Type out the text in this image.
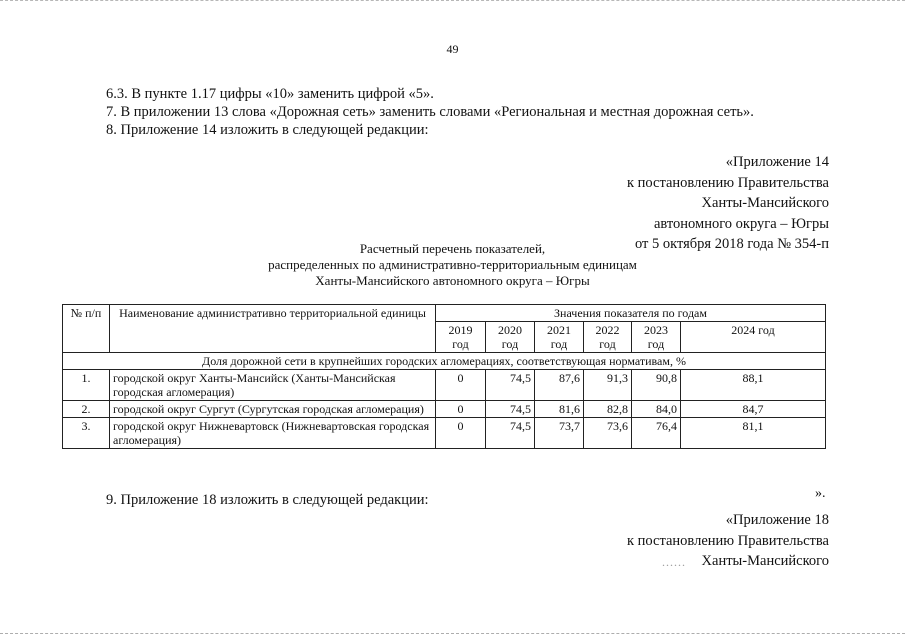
49
6.3. В пункте 1.17 цифры «10» заменить цифрой «5».
7. В приложении 13 слова «Дорожная сеть» заменить словами «Региональная и местная дорожная сеть».
8. Приложение 14 изложить в следующей редакции:
«Приложение 14
к постановлению Правительства
Ханты-Мансийского
автономного округа – Югры
от 5 октября 2018 года № 354-п
Расчетный перечень показателей,
распределенных по административно-территориальным единицам
Ханты-Мансийского автономного округа – Югры
№ п/п	Наименование административно территориальной единицы	Значения показателя по годам					
		2019 год	2020 год	2021 год	2022 год	2023 год	2024 год
Доля дорожной сети в крупнейших городских агломерациях, соответствующая нормативам, %							
1.	городской округ Ханты-Мансийск (Ханты-Мансийская городская агломерация)	0	74,5	87,6	91,3	90,8	88,1
2.	городской округ Сургут (Сургутская городская агломерация)	0	74,5	81,6	82,8	84,0	84,7
3.	городской округ Нижневартовск (Нижневартовская городская агломерация)	0	74,5	73,7	73,6	76,4	81,1
».
9. Приложение 18 изложить в следующей редакции:
«Приложение 18
к постановлению Правительства
Ханты-Мансийского
......
